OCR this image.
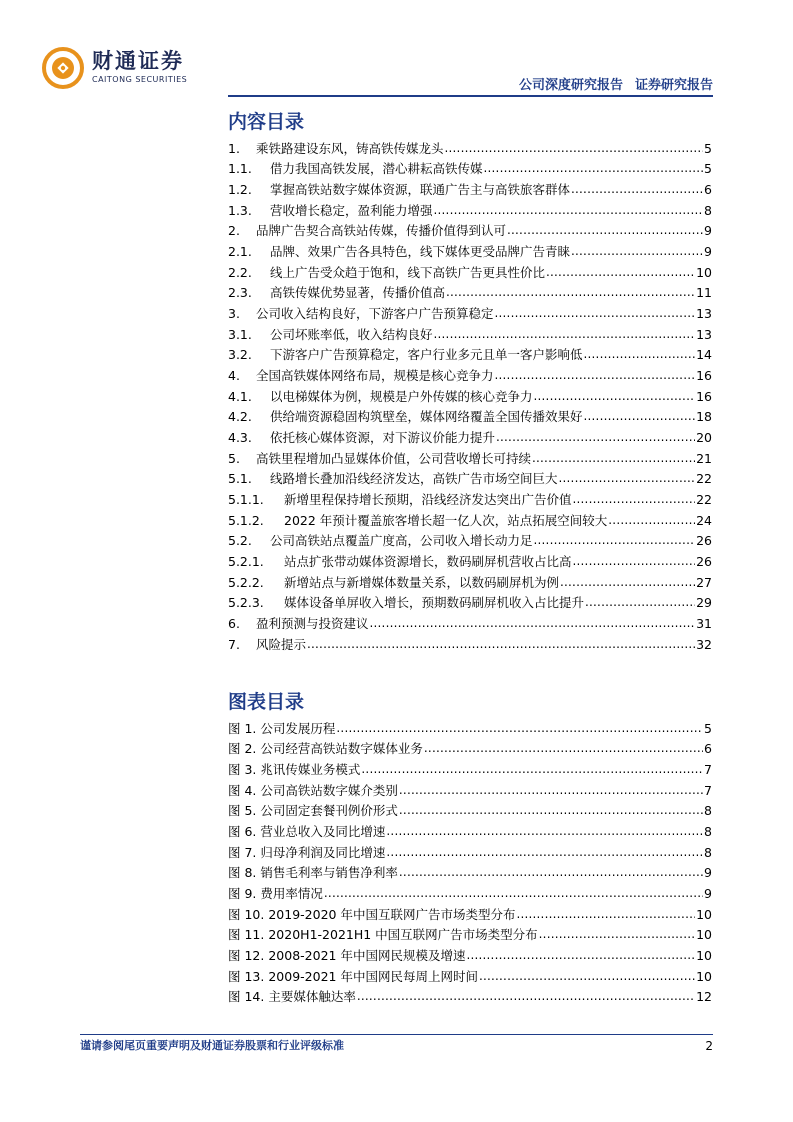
财通证券
CAITONG SECURITIES	公司深度研究报告 证券研究报告
内容目录
1.	乘铁路建设东风，铸高铁传媒龙头 .....	5
1.1.	借力我国高铁发展，潜心耕耘高铁传媒 .....	5
1.2.	掌握高铁站数字媒体资源，联通广告主与高铁旅客群体 .....	6
1.3.	营收增长稳定，盈利能力增强 .....	8
2.	品牌广告契合高铁站传媒，传播价值得到认可 .....	9
2.1.	品牌、效果广告各具特色，线下媒体更受品牌广告青睐 .....	9
2.2.	线上广告受众趋于饱和，线下高铁广告更具性价比 .....	10
2.3.	高铁传媒优势显著，传播价值高 .....	11
3.	公司收入结构良好，下游客户广告预算稳定 .....	13
3.1.	公司坏账率低，收入结构良好 .....	13
3.2.	下游客户广告预算稳定，客户行业多元且单一客户影响低 .....	14
4.	全国高铁媒体网络布局，规模是核心竞争力 .....	16
4.1.	以电梯媒体为例，规模是户外传媒的核心竞争力 .....	16
4.2.	供给端资源稳固构筑壁垒，媒体网络覆盖全国传播效果好 .....	18
4.3.	依托核心媒体资源，对下游议价能力提升 .....	20
5.	高铁里程增加凸显媒体价值，公司营收增长可持续 .....	21
5.1.	线路增长叠加沿线经济发达，高铁广告市场空间巨大 .....	22
5.1.1.	新增里程保持增长预期，沿线经济发达突出广告价值 .....	22
5.1.2.	2022 年预计覆盖旅客增长超一亿人次，站点拓展空间较大 .....	24
5.2.	公司高铁站点覆盖广度高，公司收入增长动力足 .....	26
5.2.1.	站点扩张带动媒体资源增长，数码刷屏机营收占比高 .....	26
5.2.2.	新增站点与新增媒体数量关系，以数码刷屏机为例 .....	27
5.2.3.	媒体设备单屏收入增长，预期数码刷屏机收入占比提升 .....	29
6.	盈利预测与投资建议 .....	31
7.	风险提示 .....	32
图表目录
图 1. 公司发展历程 .....	5
图 2. 公司经营高铁站数字媒体业务 .....	6
图 3. 兆讯传媒业务模式 .....	7
图 4. 公司高铁站数字媒介类别 .....	7
图 5. 公司固定套餐刊例价形式 .....	8
图 6. 营业总收入及同比增速 .....	8
图 7. 归母净利润及同比增速 .....	8
图 8. 销售毛利率与销售净利率 .....	9
图 9. 费用率情况 .....	9
图 10. 2019-2020 年中国互联网广告市场类型分布 .....	10
图 11. 2020H1-2021H1 中国互联网广告市场类型分布 .....	10
图 12. 2008-2021 年中国网民规模及增速 .....	10
图 13. 2009-2021 年中国网民每周上网时间 .....	10
图 14. 主要媒体触达率 .....	12
谨请参阅尾页重要声明及财通证券股票和行业评级标准	2
